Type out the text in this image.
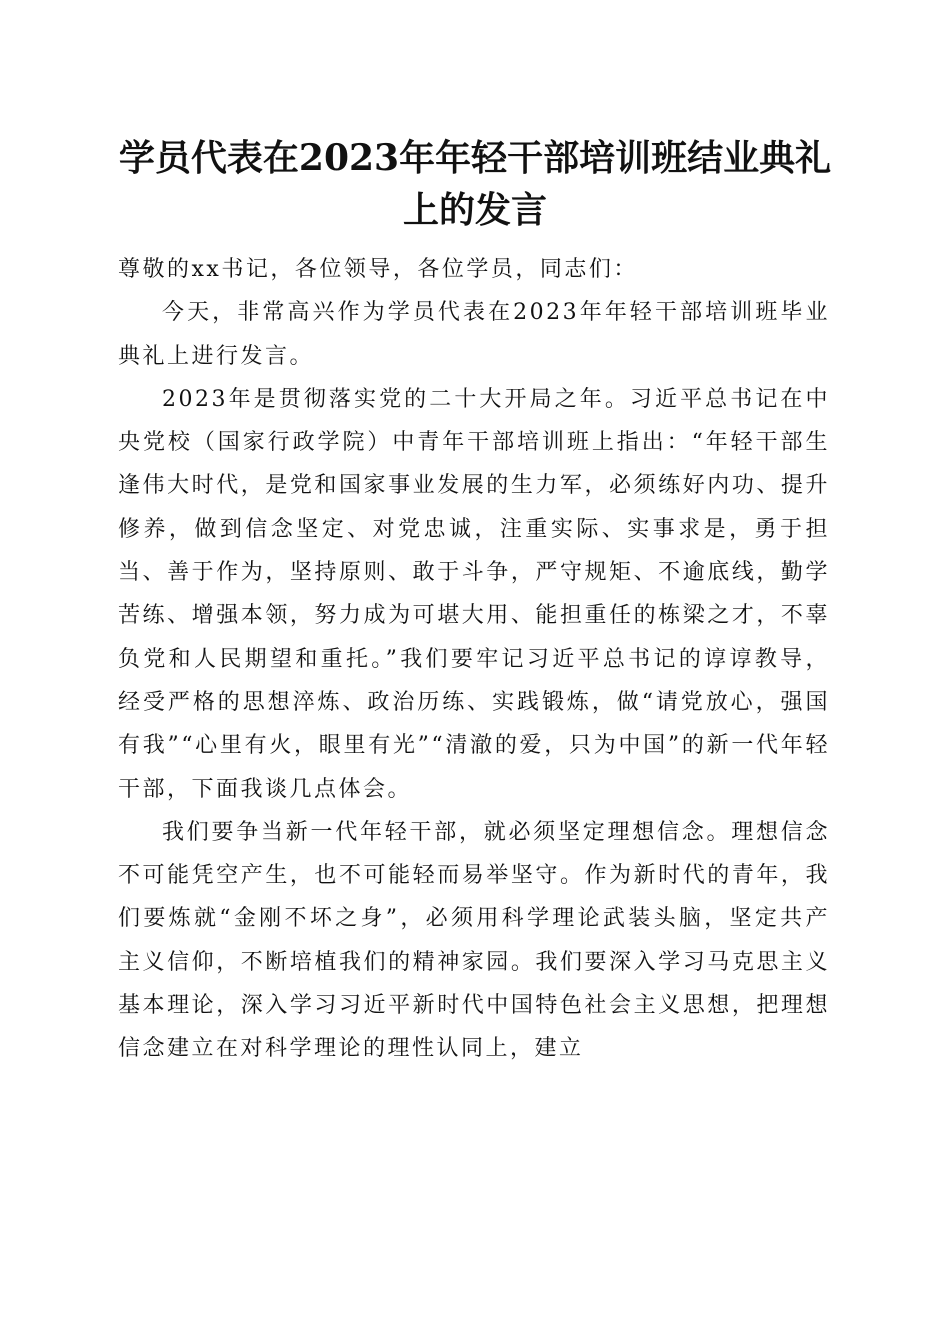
学员代表在2023年年轻干部培训班结业典礼
上的发言

尊敬的xx书记，各位领导，各位学员，同志们：

今天，非常高兴作为学员代表在2023年年轻干部培训班毕业典礼上进行发言。

2023年是贯彻落实党的二十大开局之年。习近平总书记在中央党校（国家行政学院）中青年干部培训班上指出：“年轻干部生逢伟大时代，是党和国家事业发展的生力军，必须练好内功、提升修养，做到信念坚定、对党忠诚，注重实际、实事求是，勇于担当、善于作为，坚持原则、敢于斗争，严守规矩、不逾底线，勤学苦练、增强本领，努力成为可堪大用、能担重任的栋梁之才，不辜负党和人民期望和重托。”我们要牢记习近平总书记的谆谆教导，经受严格的思想淬炼、政治历练、实践锻炼，做“请党放心，强国有我”“心里有火，眼里有光”“清澈的爱，只为中国”的新一代年轻干部，下面我谈几点体会。

我们要争当新一代年轻干部，就必须坚定理想信念。理想信念不可能凭空产生，也不可能轻而易举坚守。作为新时代的青年，我们要炼就“金刚不坏之身”，必须用科学理论武装头脑，坚定共产主义信仰，不断培植我们的精神家园。我们要深入学习马克思主义基本理论，深入学习习近平新时代中国特色社会主义思想，把理想信念建立在对科学理论的理性认同上，建立
